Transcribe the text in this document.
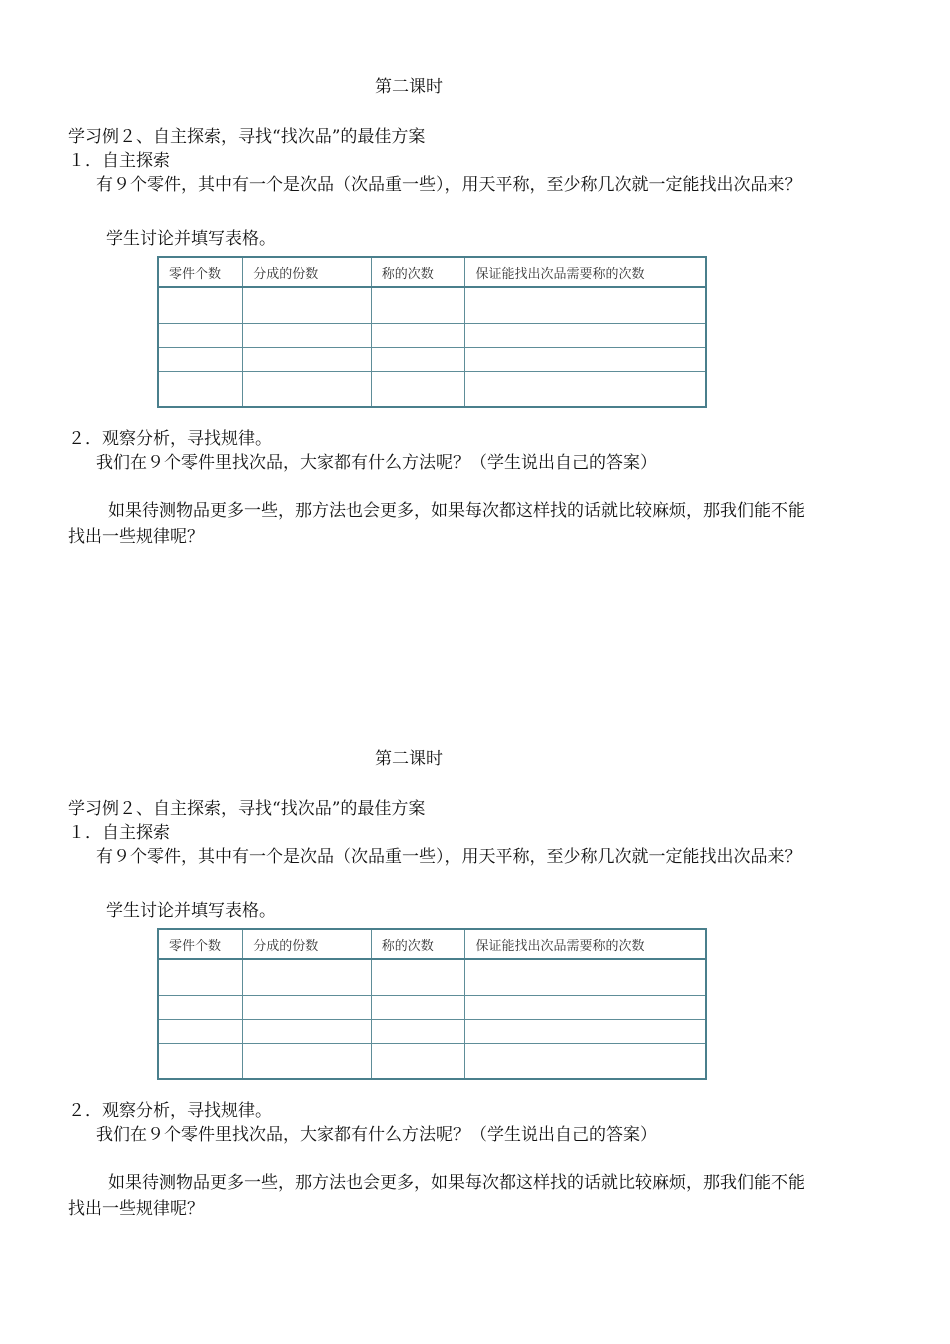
第二课时
学习例２、自主探索，寻找“找次品”的最佳方案
１．自主探索
有９个零件，其中有一个是次品（次品重一些），用天平称，至少称几次就一定能找出次品来？
学生讨论并填写表格。
零件个数	分成的份数	称的次数	保证能找出次品需要称的次数

２．观察分析，寻找规律。
我们在９个零件里找次品，大家都有什么方法呢？（学生说出自己的答案）
如果待测物品更多一些，那方法也会更多，如果每次都这样找的话就比较麻烦，那我们能不能
找出一些规律呢？
第二课时
学习例２、自主探索，寻找“找次品”的最佳方案
１．自主探索
有９个零件，其中有一个是次品（次品重一些），用天平称，至少称几次就一定能找出次品来？
学生讨论并填写表格。
零件个数	分成的份数	称的次数	保证能找出次品需要称的次数

２．观察分析，寻找规律。
我们在９个零件里找次品，大家都有什么方法呢？（学生说出自己的答案）
如果待测物品更多一些，那方法也会更多，如果每次都这样找的话就比较麻烦，那我们能不能
找出一些规律呢？
